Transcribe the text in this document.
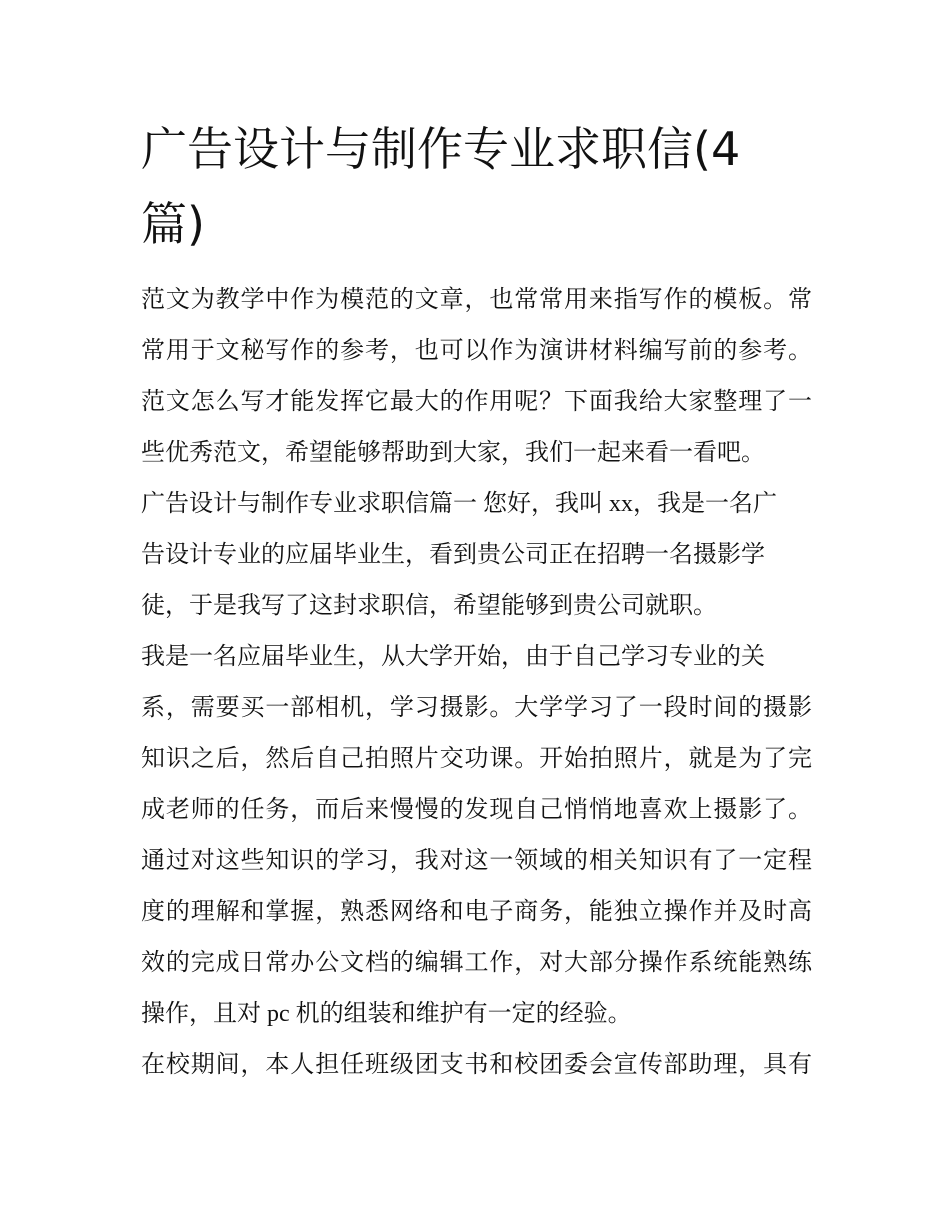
广告设计与制作专业求职信(4
篇)
范文为教学中作为模范的文章，也常常用来指写作的模板。常
常用于文秘写作的参考，也可以作为演讲材料编写前的参考。
范文怎么写才能发挥它最大的作用呢？下面我给大家整理了一
些优秀范文，希望能够帮助到大家，我们一起来看一看吧。
广告设计与制作专业求职信篇一 您好，我叫 xx，我是一名广
告设计专业的应届毕业生，看到贵公司正在招聘一名摄影学
徒，于是我写了这封求职信，希望能够到贵公司就职。
我是一名应届毕业生，从大学开始，由于自己学习专业的关
系，需要买一部相机，学习摄影。大学学习了一段时间的摄影
知识之后，然后自己拍照片交功课。开始拍照片，就是为了完
成老师的任务，而后来慢慢的发现自己悄悄地喜欢上摄影了。
通过对这些知识的学习，我对这一领域的相关知识有了一定程
度的理解和掌握，熟悉网络和电子商务，能独立操作并及时高
效的完成日常办公文档的编辑工作，对大部分操作系统能熟练
操作，且对 pc 机的组装和维护有一定的经验。
在校期间，本人担任班级团支书和校团委会宣传部助理，具有
